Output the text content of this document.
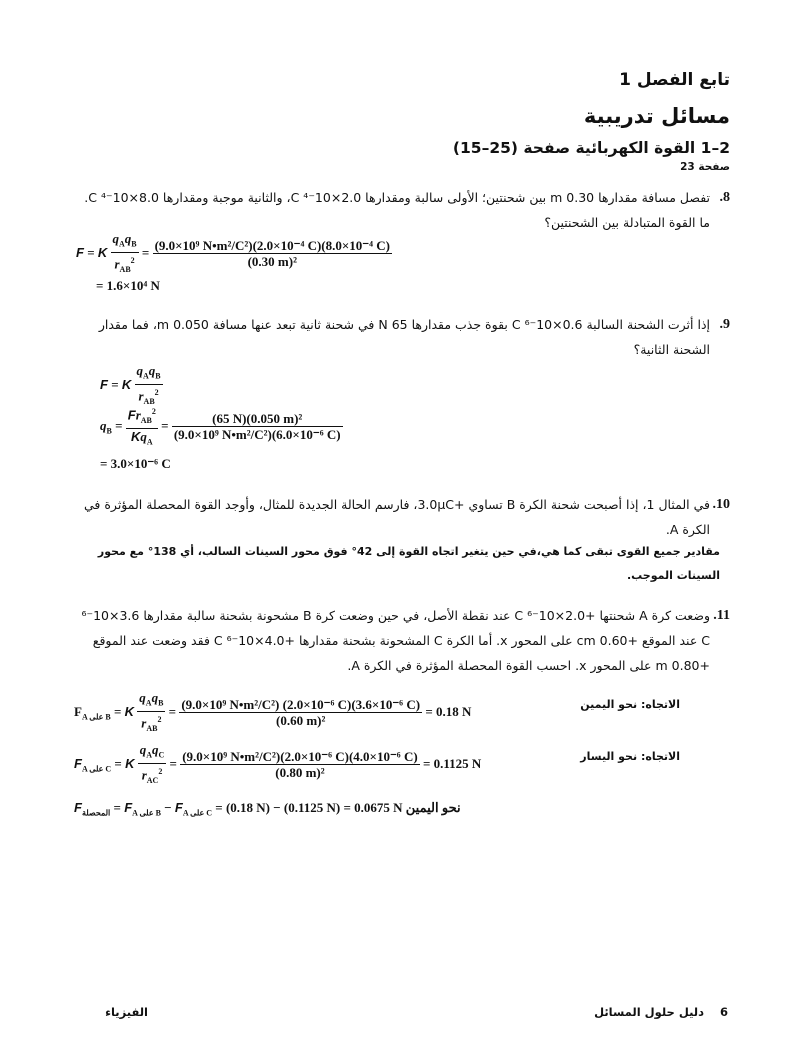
تابع الفصل 1
مسائل تدريبية
2–1 القوة الكهربائية صفحة (25–15)
صفحة 23
.8
تفصل مسافة مقدارها 0.30 m بين شحنتين؛ الأولى سالبة ومقدارها 2.0×10⁻⁴ C، والثانية موجبة ومقدارها 8.0×10⁻⁴ C. ما القوة المتبادلة بين الشحنتين؟
F = K $\frac{q_Aq_B}{r_{AB}^2} = \frac{\text{(9.0×10⁹ N•m²/C²)(2.0×10⁻⁴ C)(8.0×10⁻⁴ C)}}{\text{(0.30 m)²}}$
= 1.6×10⁴ N
.9
إذا أثرت الشحنة السالبة 0.6×10⁻⁶ C بقوة جذب مقدارها 65 N في شحنة ثانية تبعد عنها مسافة 0.050 m، فما مقدار الشحنة الثانية؟
F = K $\frac{q_Aq_B}{r_{AB}^2}$
$q_B = \frac{Fr_{AB}^2}{Kq_A} = \frac{\text{(65 N)(0.050 m)²}}{\text{(9.0×10⁹ N•m²/C²)(6.0×10⁻⁶ C)}}$
= 3.0×10⁻⁶ C
.10
في المثال 1، إذا أصبحت شحنة الكرة B تساوي +3.0μC، فارسم الحالة الجديدة للمثال، وأوجد القوة المحصلة المؤثرة في الكرة A.
مقادير جميع القوى تبقى كما هي،في حين يتغير اتجاه القوة إلى 42° فوق محور السينات السالب، أي 138° مع محور السينات الموجب.
.11
وضعت كرة A شحنتها +2.0×10⁻⁶ C عند نقطة الأصل، في حين وضعت كرة B مشحونة بشحنة سالبة مقدارها 3.6×10⁻⁶ C عند الموقع +0.60 cm على المحور x. أما الكرة C المشحونة بشحنة مقدارها +4.0×10⁻⁶ C فقد وضعت عند الموقع +0.80 m على المحور x. احسب القوة المحصلة المؤثرة في الكرة A.
$F_{A على B} = K \frac{q_Aq_B}{r_{AB}^2} = \frac{\text{(9.0×10⁹ N•m²/C²) (2.0×10⁻⁶ C)(3.6×10⁻⁶ C)}}{\text{(0.60 m)²}} = 0.18$ N	الاتجاه: نحو اليمين
$F_{A على C} = K \frac{q_Aq_C}{r_{AC}^2} = \frac{\text{(9.0×10⁹ N•m²/C²)(2.0×10⁻⁶ C)(4.0×10⁻⁶ C)}}{\text{(0.80 m)²}} = 0.1125$ N	الاتجاه: نحو اليسار
$F_{المحصلة} = F_{A على B} - F_{A على C} = (0.18$ N) − (0.1125 N) = 0.0675 N نحو اليمين
6
دليل حلول المسائل
الفيزياء
